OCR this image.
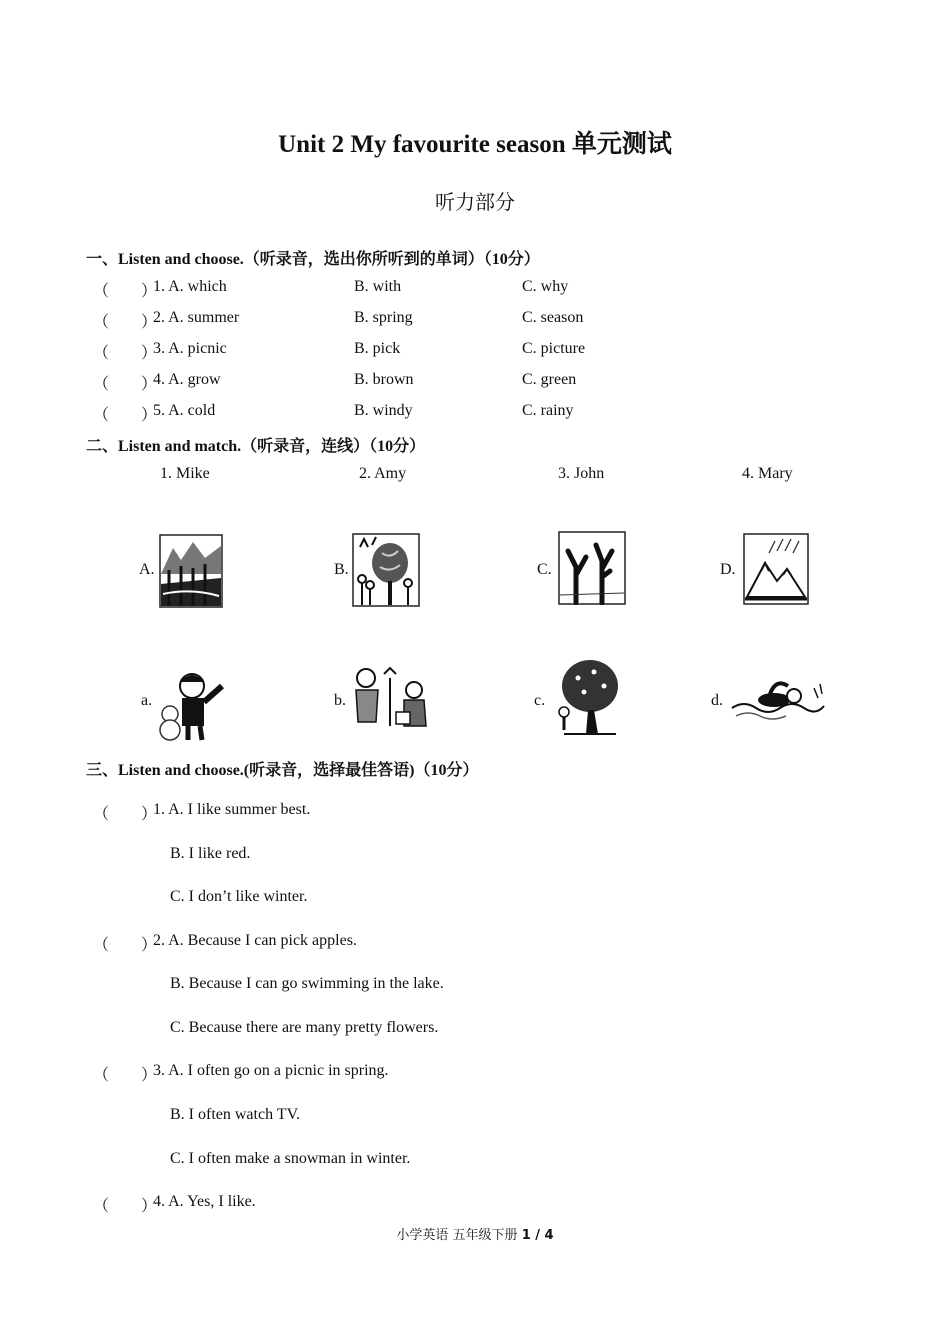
Unit 2 My favourite season 单元测试
听力部分
一、Listen and choose.（听录音，选出你所听到的单词）（10分）
（　　）
1. A. which	B. with	C. why
（　　）
2. A. summer	B. spring	C. season
（　　）
3. A. picnic	B. pick	C. picture
（　　）
4. A. grow	B. brown	C. green
（　　）
5. A. cold	B. windy	C. rainy
二、Listen and match.（听录音，连线）（10分）
1. Mike	2. Amy	3. John	4. Mary
A.	B.	C.	D.
a.	b.	c.	d.
三、Listen and choose.(听录音，选择最佳答语)（10分）
（　　）
1. A. I like summer best.
B. I like red.
C. I don’t like winter.
（　　）
2. A. Because I can pick apples.
B. Because I can go swimming in the lake.
C. Because there are many pretty flowers.
（　　）
3. A. I often go on a picnic in spring.
B. I often watch TV.
C. I often make a snowman in winter.
（　　）
4. A. Yes, I like.
小学英语 五年级下册 1 / 4
